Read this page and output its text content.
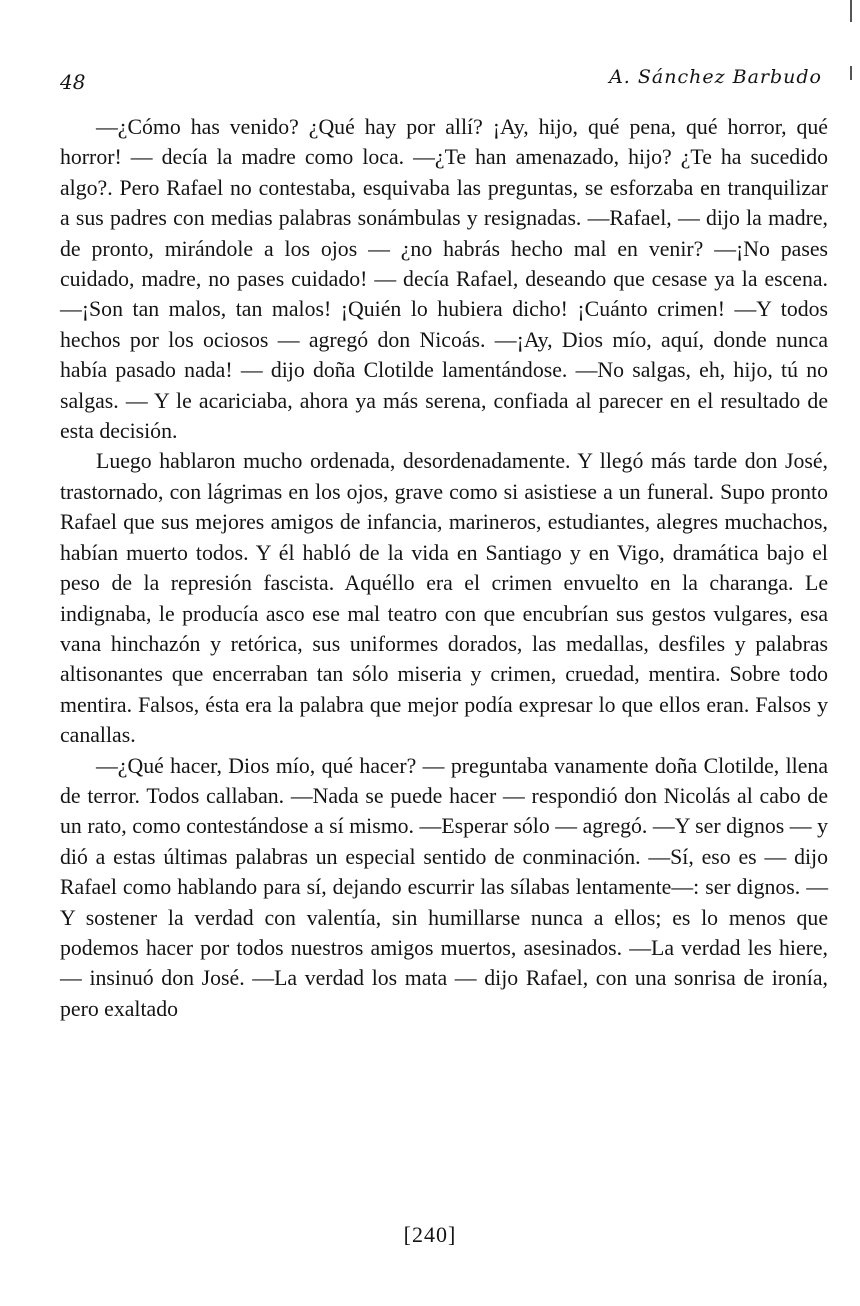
48	A. Sánchez Barbudo

—¿Cómo has venido? ¿Qué hay por allí? ¡Ay, hijo, qué pena, qué horror, qué horror! — decía la madre como loca. —¿Te han amenazado, hijo? ¿Te ha sucedido algo?. Pero Rafael no contestaba, esquivaba las preguntas, se esforzaba en tranquilizar a sus padres con medias palabras sonámbulas y resignadas. —Rafael, — dijo la madre, de pronto, mirándole a los ojos — ¿no habrás hecho mal en venir? —¡No pases cuidado, madre, no pases cuidado! — decía Rafael, deseando que cesase ya la escena. —¡Son tan malos, tan malos! ¡Quién lo hubiera dicho! ¡Cuánto crimen! —Y todos hechos por los ociosos — agregó don Nicoás. —¡Ay, Dios mío, aquí, donde nunca había pasado nada! — dijo doña Clotilde lamentándose. —No salgas, eh, hijo, tú no salgas. — Y le acariciaba, ahora ya más serena, confiada al parecer en el resultado de esta decisión.

Luego hablaron mucho ordenada, desordenadamente. Y llegó más tarde don José, trastornado, con lágrimas en los ojos, grave como si asistiese a un funeral. Supo pronto Rafael que sus mejores amigos de infancia, marineros, estudiantes, alegres muchachos, habían muerto todos. Y él habló de la vida en Santiago y en Vigo, dramática bajo el peso de la represión fascista. Aquéllo era el crimen envuelto en la charanga. Le indignaba, le producía asco ese mal teatro con que encubrían sus gestos vulgares, esa vana hinchazón y retórica, sus uniformes dorados, las medallas, desfiles y palabras altisonantes que encerraban tan sólo miseria y crimen, cruedad, mentira. Sobre todo mentira. Falsos, ésta era la palabra que mejor podía expresar lo que ellos eran. Falsos y canallas.

—¿Qué hacer, Dios mío, qué hacer? — preguntaba vanamente doña Clotilde, llena de terror. Todos callaban. —Nada se puede hacer — respondió don Nicolás al cabo de un rato, como contestándose a sí mismo. —Esperar sólo — agregó. —Y ser dignos — y dió a estas últimas palabras un especial sentido de conminación. —Sí, eso es — dijo Rafael como hablando para sí, dejando escurrir las sílabas lentamente—: ser dignos. —Y sostener la verdad con valentía, sin humillarse nunca a ellos; es lo menos que podemos hacer por todos nuestros amigos muertos, asesinados. —La verdad les hiere, — insinuó don José. —La verdad los mata — dijo Rafael, con una sonrisa de ironía, pero exaltado

[240]
